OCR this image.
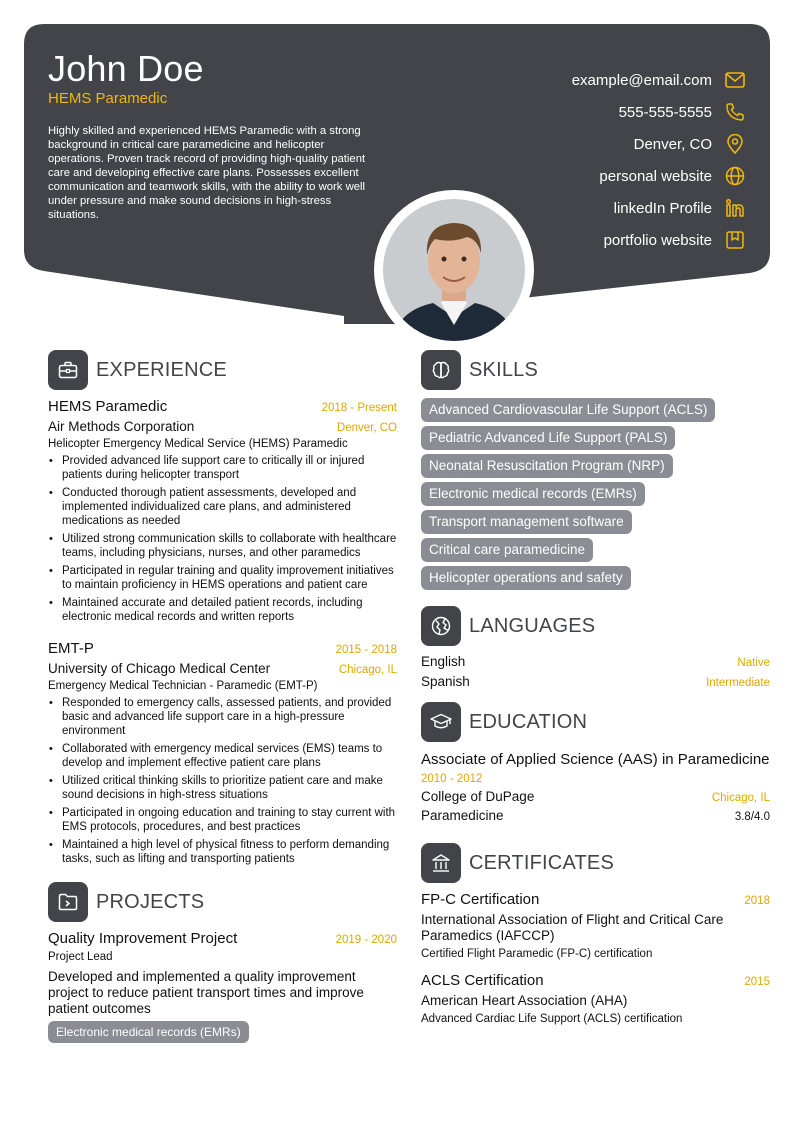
John Doe
HEMS Paramedic
Highly skilled and experienced HEMS Paramedic with a strong background in critical care paramedicine and helicopter operations. Proven track record of providing high-quality patient care and developing effective care plans. Possesses excellent communication and teamwork skills, with the ability to work well under pressure and make sound decisions in high-stress situations.
example@email.com
555-555-5555
Denver, CO
personal website
linkedIn Profile
portfolio website
EXPERIENCE
HEMS Paramedic	2018 - Present
Air Methods Corporation	Denver, CO
Helicopter Emergency Medical Service (HEMS) Paramedic
• Provided advanced life support care to critically ill or injured patients during helicopter transport
• Conducted thorough patient assessments, developed and implemented individualized care plans, and administered medications as needed
• Utilized strong communication skills to collaborate with healthcare teams, including physicians, nurses, and other paramedics
• Participated in regular training and quality improvement initiatives to maintain proficiency in HEMS operations and patient care
• Maintained accurate and detailed patient records, including electronic medical records and written reports
EMT-P	2015 - 2018
University of Chicago Medical Center	Chicago, IL
Emergency Medical Technician - Paramedic (EMT-P)
• Responded to emergency calls, assessed patients, and provided basic and advanced life support care in a high-pressure environment
• Collaborated with emergency medical services (EMS) teams to develop and implement effective patient care plans
• Utilized critical thinking skills to prioritize patient care and make sound decisions in high-stress situations
• Participated in ongoing education and training to stay current with EMS protocols, procedures, and best practices
• Maintained a high level of physical fitness to perform demanding tasks, such as lifting and transporting patients
PROJECTS
Quality Improvement Project	2019 - 2020
Project Lead
Developed and implemented a quality improvement project to reduce patient transport times and improve patient outcomes
Electronic medical records (EMRs)
SKILLS
Advanced Cardiovascular Life Support (ACLS)
Pediatric Advanced Life Support (PALS)
Neonatal Resuscitation Program (NRP)
Electronic medical records (EMRs)
Transport management software
Critical care paramedicine
Helicopter operations and safety
LANGUAGES
English	Native
Spanish	Intermediate
EDUCATION
Associate of Applied Science (AAS) in Paramedicine
2010 - 2012
College of DuPage	Chicago, IL
Paramedicine	3.8/4.0
CERTIFICATES
FP-C Certification	2018
International Association of Flight and Critical Care Paramedics (IAFCCP)
Certified Flight Paramedic (FP-C) certification
ACLS Certification	2015
American Heart Association (AHA)
Advanced Cardiac Life Support (ACLS) certification
